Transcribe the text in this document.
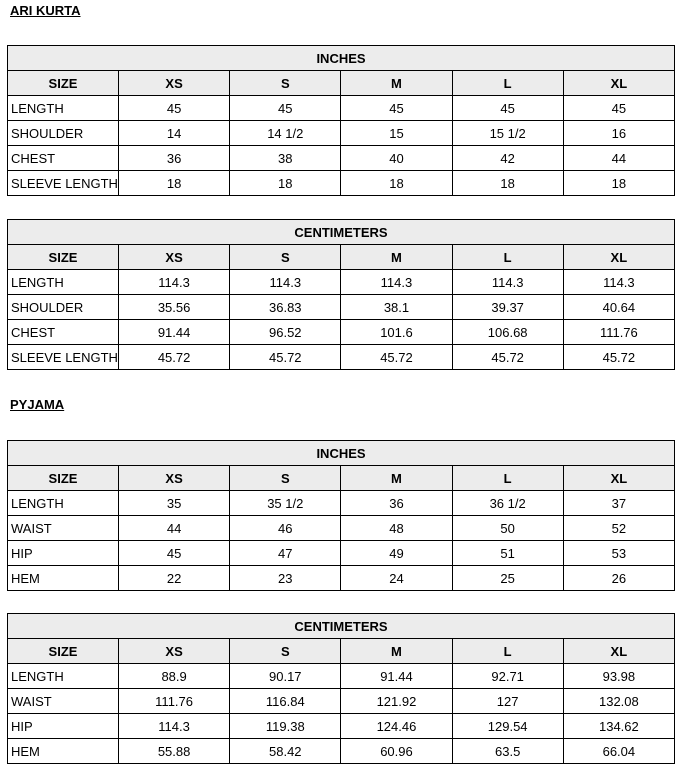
ARI KURTA
INCHES					
SIZE	XS	S	M	L	XL
LENGTH	45	45	45	45	45
SHOULDER	14	14 1/2	15	15 1/2	16
CHEST	36	38	40	42	44
SLEEVE LENGTH	18	18	18	18	18
CENTIMETERS					
SIZE	XS	S	M	L	XL
LENGTH	114.3	114.3	114.3	114.3	114.3
SHOULDER	35.56	36.83	38.1	39.37	40.64
CHEST	91.44	96.52	101.6	106.68	111.76
SLEEVE LENGTH	45.72	45.72	45.72	45.72	45.72
PYJAMA
INCHES					
SIZE	XS	S	M	L	XL
LENGTH	35	35 1/2	36	36 1/2	37
WAIST	44	46	48	50	52
HIP	45	47	49	51	53
HEM	22	23	24	25	26
CENTIMETERS					
SIZE	XS	S	M	L	XL
LENGTH	88.9	90.17	91.44	92.71	93.98
WAIST	111.76	116.84	121.92	127	132.08
HIP	114.3	119.38	124.46	129.54	134.62
HEM	55.88	58.42	60.96	63.5	66.04
